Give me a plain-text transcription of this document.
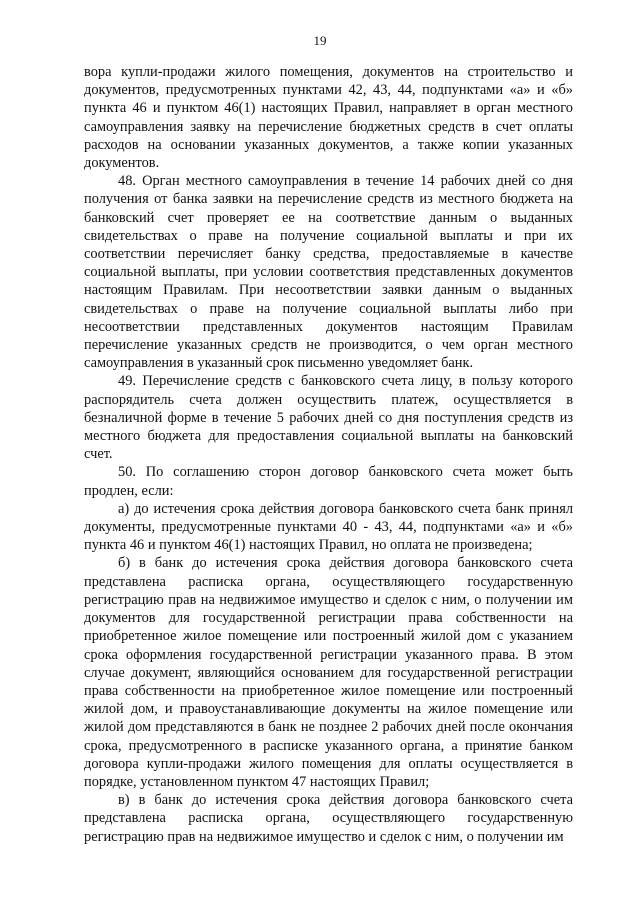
19

вора купли-продажи жилого помещения, документов на строительство и документов, предусмотренных пунктами 42, 43, 44, подпунктами «а» и «б» пункта 46 и пунктом 46(1) настоящих Правил, направляет в орган местного самоуправления заявку на перечисление бюджетных средств в счет оплаты расходов на основании указанных документов, а также копии указанных документов.

48. Орган местного самоуправления в течение 14 рабочих дней со дня получения от банка заявки на перечисление средств из местного бюджета на банковский счет проверяет ее на соответствие данным о выданных свидетельствах о праве на получение социальной выплаты и при их соответствии перечисляет банку средства, предоставляемые в качестве социальной выплаты, при условии соответствия представленных документов настоящим Правилам. При несоответствии заявки данным о выданных свидетельствах о праве на получение социальной выплаты либо при несоответствии представленных документов настоящим Правилам перечисление указанных средств не производится, о чем орган местного самоуправления в указанный срок письменно уведомляет банк.

49. Перечисление средств с банковского счета лицу, в пользу которого распорядитель счета должен осуществить платеж, осуществляется в безналичной форме в течение 5 рабочих дней со дня поступления средств из местного бюджета для предоставления социальной выплаты на банковский счет.

50. По соглашению сторон договор банковского счета может быть продлен, если:

а) до истечения срока действия договора банковского счета банк принял документы, предусмотренные пунктами 40 - 43, 44, подпунктами «а» и «б» пункта 46 и пунктом 46(1) настоящих Правил, но оплата не произведена;

б) в банк до истечения срока действия договора банковского счета представлена расписка органа, осуществляющего государственную регистрацию прав на недвижимое имущество и сделок с ним, о получении им документов для государственной регистрации права собственности на приобретенное жилое помещение или построенный жилой дом с указанием срока оформления государственной регистрации указанного права. В этом случае документ, являющийся основанием для государственной регистрации права собственности на приобретенное жилое помещение или построенный жилой дом, и правоустанавливающие документы на жилое помещение или жилой дом представляются в банк не позднее 2 рабочих дней после окончания срока, предусмотренного в расписке указанного органа, а принятие банком договора купли-продажи жилого помещения для оплаты осуществляется в порядке, установленном пунктом 47 настоящих Правил;

в) в банк до истечения срока действия договора банковского счета представлена расписка органа, осуществляющего государственную регистрацию прав на недвижимое имущество и сделок с ним, о получении им
